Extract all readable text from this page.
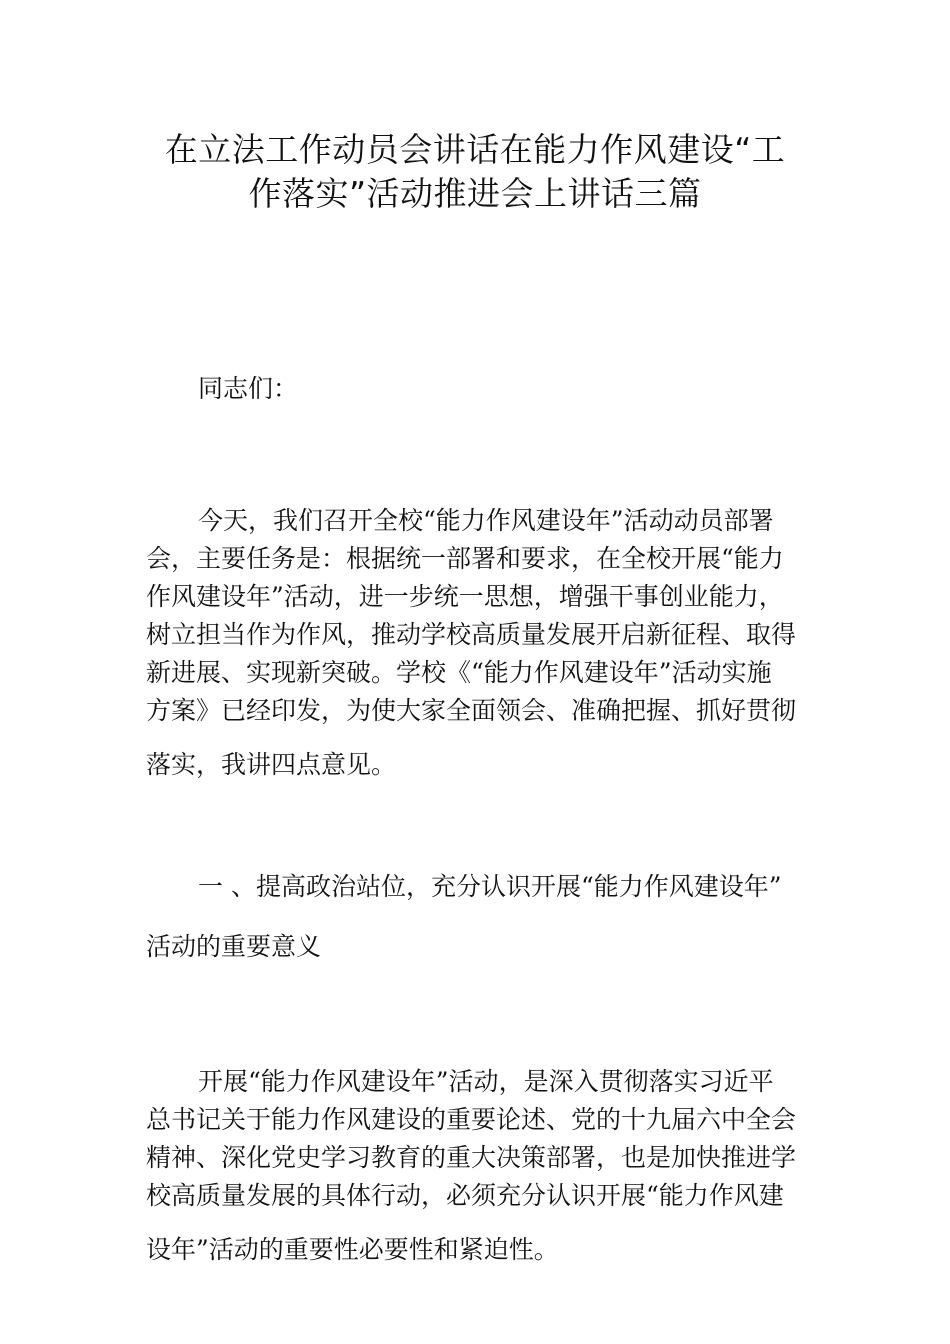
在立法工作动员会讲话在能力作风建设“工
作落实”活动推进会上讲话三篇

同志们：

今天，我们召开全校“能力作风建设年”活动动员部署
会，主要任务是：根据统一部署和要求，在全校开展“能力
作风建设年”活动，进一步统一思想，增强干事创业能力，
树立担当作为作风，推动学校高质量发展开启新征程、取得
新进展、实现新突破。学校《“能力作风建设年”活动实施
方案》已经印发，为使大家全面领会、准确把握、抓好贯彻
落实，我讲四点意见。

一 、提高政治站位，充分认识开展“能力作风建设年”
活动的重要意义

开展“能力作风建设年”活动，是深入贯彻落实习近平
总书记关于能力作风建设的重要论述、党的十九届六中全会
精神、深化党史学习教育的重大决策部署，也是加快推进学
校高质量发展的具体行动，必须充分认识开展“能力作风建
设年”活动的重要性必要性和紧迫性。
